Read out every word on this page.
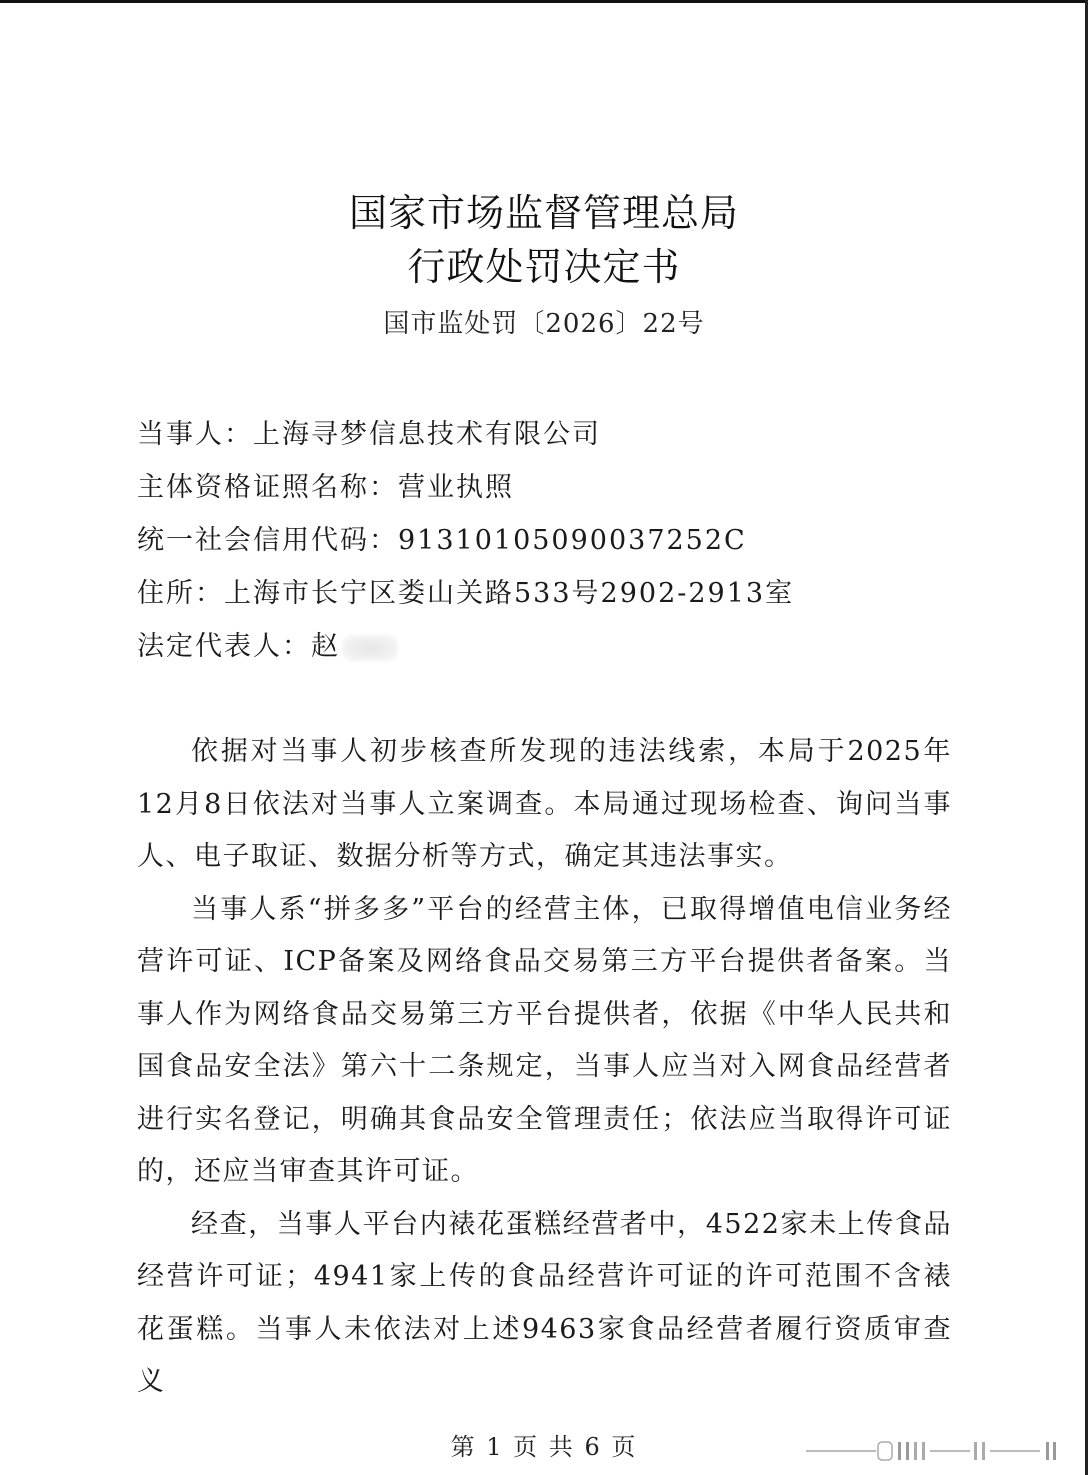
国家市场监督管理总局
行政处罚决定书
国市监处罚〔2026〕22号
当事人：上海寻梦信息技术有限公司
主体资格证照名称：营业执照
统一社会信用代码：91310105090037252C
住所：上海市长宁区娄山关路533号2902-2913室
法定代表人：赵

依据对当事人初步核查所发现的违法线索，本局于2025年12月8日依法对当事人立案调查。本局通过现场检查、询问当事人、电子取证、数据分析等方式，确定其违法事实。

当事人系“拼多多”平台的经营主体，已取得增值电信业务经营许可证、ICP备案及网络食品交易第三方平台提供者备案。当事人作为网络食品交易第三方平台提供者，依据《中华人民共和国食品安全法》第六十二条规定，当事人应当对入网食品经营者进行实名登记，明确其食品安全管理责任；依法应当取得许可证的，还应当审查其许可证。

经查，当事人平台内裱花蛋糕经营者中，4522家未上传食品经营许可证；4941家上传的食品经营许可证的许可范围不含裱花蛋糕。当事人未依法对上述9463家食品经营者履行资质审查义

第 1 页 共 6 页
